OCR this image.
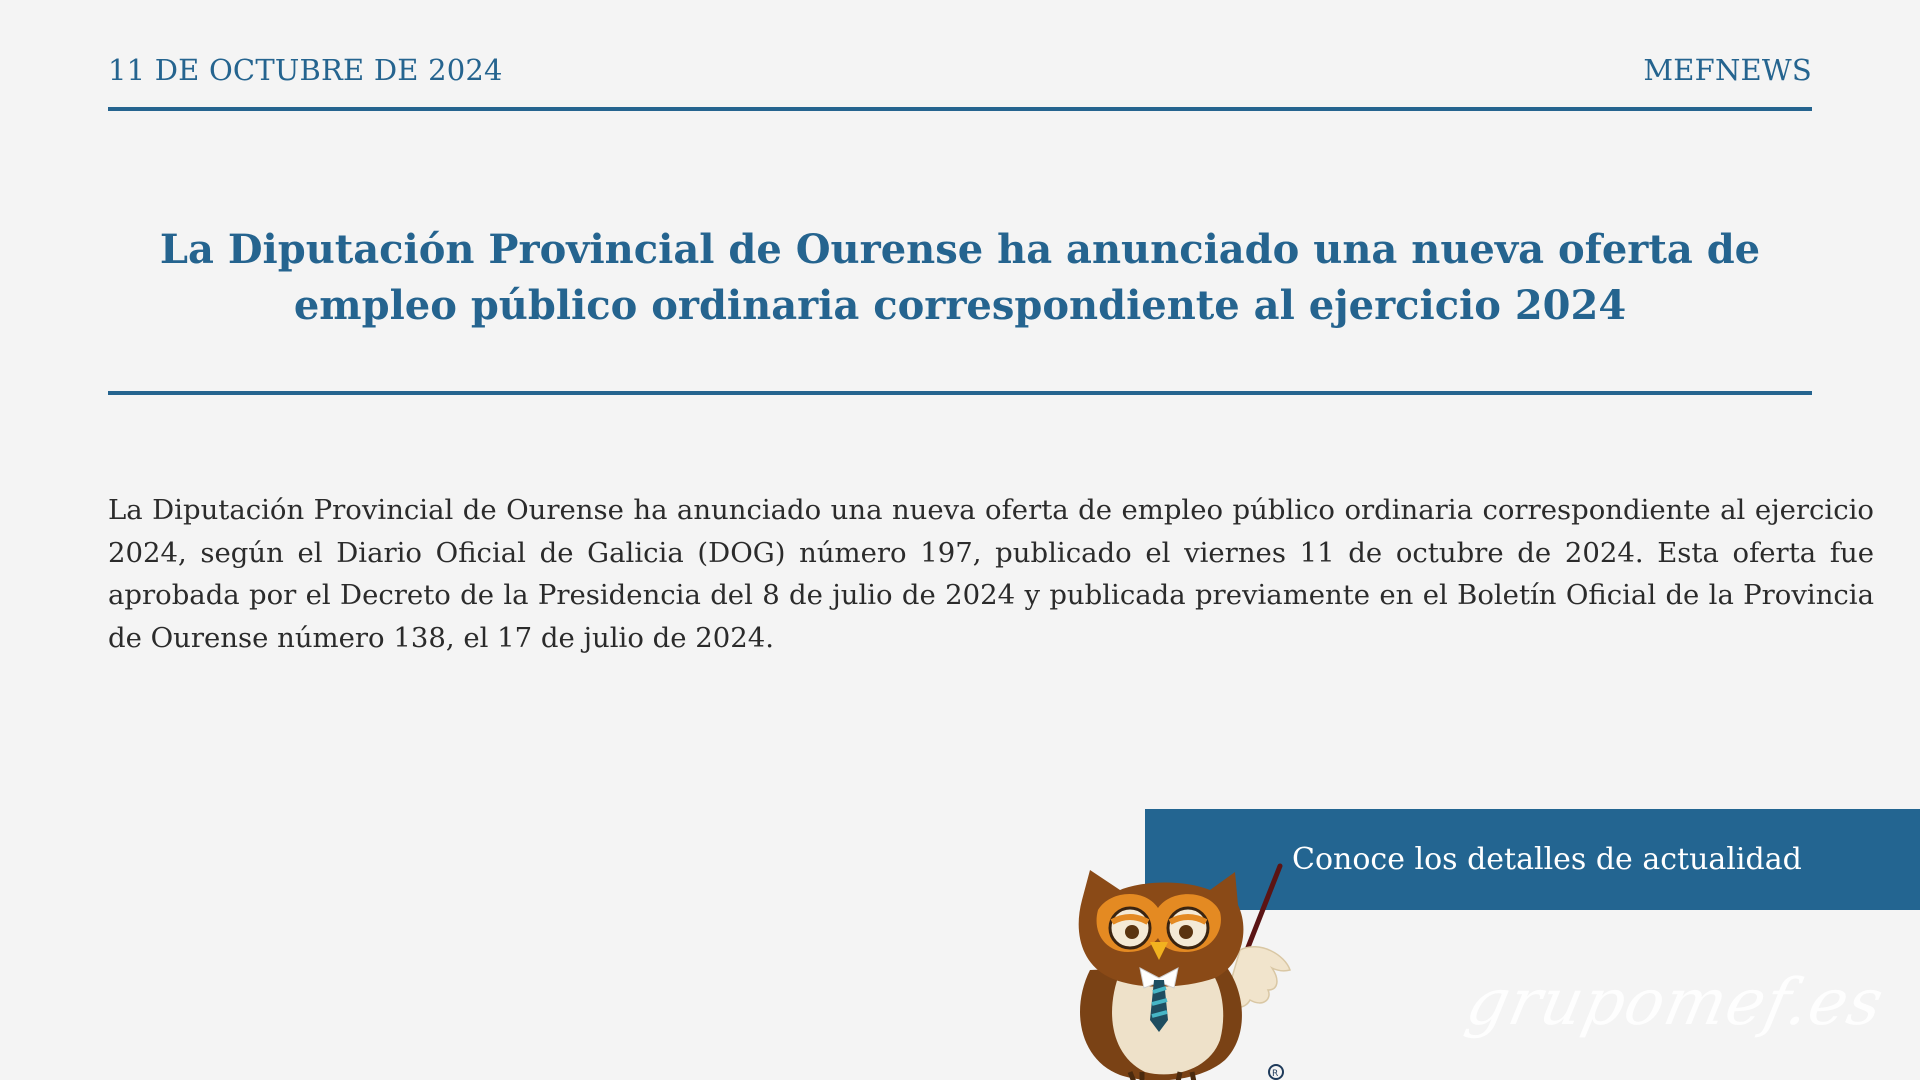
11 DE OCTUBRE DE 2024	MEFNEWS
La Diputación Provincial de Ourense ha anunciado una nueva oferta de empleo público ordinaria correspondiente al ejercicio 2024

La Diputación Provincial de Ourense ha anunciado una nueva oferta de empleo público ordinaria correspondiente al ejercicio 2024, según el Diario Oficial de Galicia (DOG) número 197, publicado el viernes 11 de octubre de 2024. Esta oferta fue aprobada por el Decreto de la Presidencia del 8 de julio de 2024 y publicada previamente en el Boletín Oficial de la Provincia de Ourense número 138, el 17 de julio de 2024.

Conoce los detalles de actualidad
R
grupomef.es
